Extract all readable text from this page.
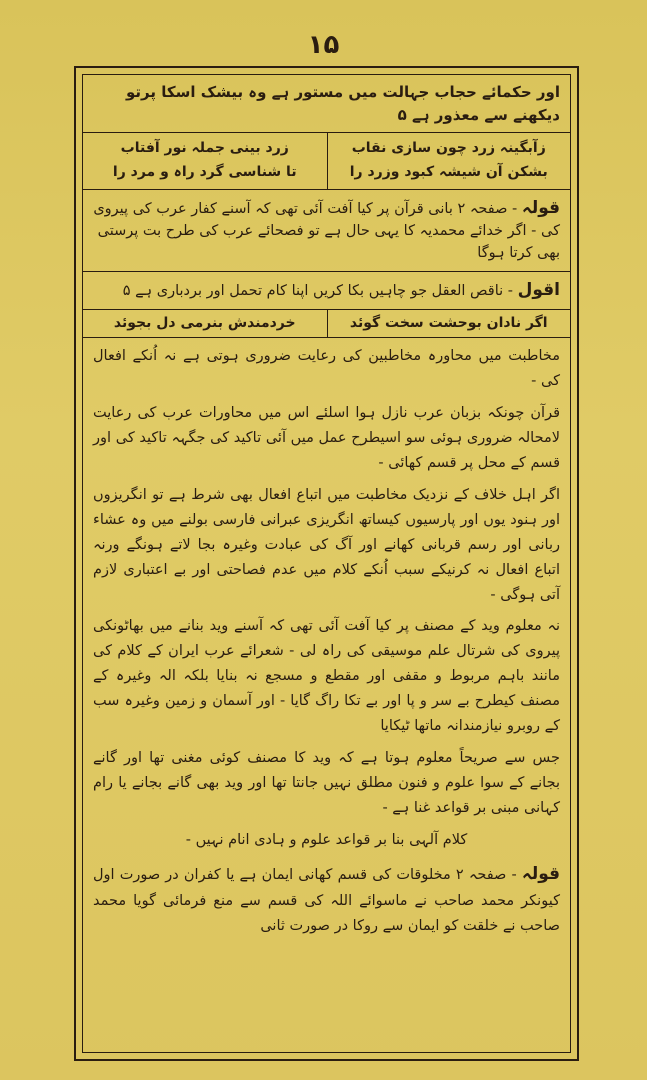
۱۵
اور حکمائے حجاب جہالت میں مستور ہے وہ بیشک اسکا پرتو دیکھنے سے معذور ہے ۵
زآبگینہ زرد چون سازی نقاب
بشکن آن شیشہ کبود وزرد را
زرد بینی جملہ نور آفتاب
تا شناسی گرد راہ و مرد را
قولہ - صفحہ ۲ بانی قرآن پر کیا آفت آئی تھی کہ آسنے کفار عرب کی پیروی کی - اگر خدائے محمدیہ کا یہی حال ہے تو فصحائے عرب کی طرح بت پرستی بھی کرتا ہوگا
اقول - ناقص العقل جو چاہیں بکا کریں اپنا کام تحمل اور بردباری ہے ۵
اگر نادان بوحشت سخت گوئد
خردمندش بنرمی دل بجوئد

مخاطبت میں محاورہ مخاطبین کی رعایت ضروری ہوتی ہے نہ اُنکے افعال کی -

قرآن چونکہ بزبان عرب نازل ہوا اسلئے اس میں محاورات عرب کی رعایت لامحالہ ضروری ہوئی سو اسیطرح عمل میں آئی تاکید کی جگہہ تاکید کی اور قسم کے محل پر قسم کھائی -

اگر اہل خلاف کے نزدیک مخاطبت میں اتباع افعال بھی شرط ہے تو انگریزوں اور ہنود یوں اور پارسیوں کیساتھ انگریزی عبرانی فارسی بولنے میں وہ عشاء ربانی اور رسم قربانی کھانے اور آگ کی عبادت وغیرہ بجا لاتے ہونگے ورنہ اتباع افعال نہ کرنیکے سبب اُنکے کلام میں عدم فصاحتی اور بے اعتباری لازم آتی ہوگی -

نہ معلوم وید کے مصنف پر کیا آفت آئی تھی کہ آسنے وید بنانے میں بھاٹونکی پیروی کی شرتال علم موسیقی کی راہ لی - شعرائے عرب ایران کے کلام کی مانند باہم مربوط و مقفی اور مقطع و مسجع نہ بنایا بلکہ الہ وغیرہ کے مصنف کیطرح بے سر و پا اور بے تکا راگ گایا - اور آسمان و زمین وغیرہ سب کے روبرو نیازمندانہ ماتھا ٹیکایا

جس سے صریحاً معلوم ہوتا ہے کہ وید کا مصنف کوئی مغنی تھا اور گانے بجانے کے سوا علوم و فنون مطلق نہیں جانتا تھا اور وید بھی گانے بجانے یا رام کہانی مبنی بر قواعد غنا ہے -

کلام آلہی بنا بر قواعد علوم و ہادی انام نہیں -

قولہ - صفحہ ۲ مخلوقات کی قسم کھانی ایمان ہے یا کفران در صورت اول کیونکر محمد صاحب نے ماسوائے اللہ کی قسم سے منع فرمائی گویا محمد صاحب نے خلقت کو ایمان سے روکا در صورت ثانی
